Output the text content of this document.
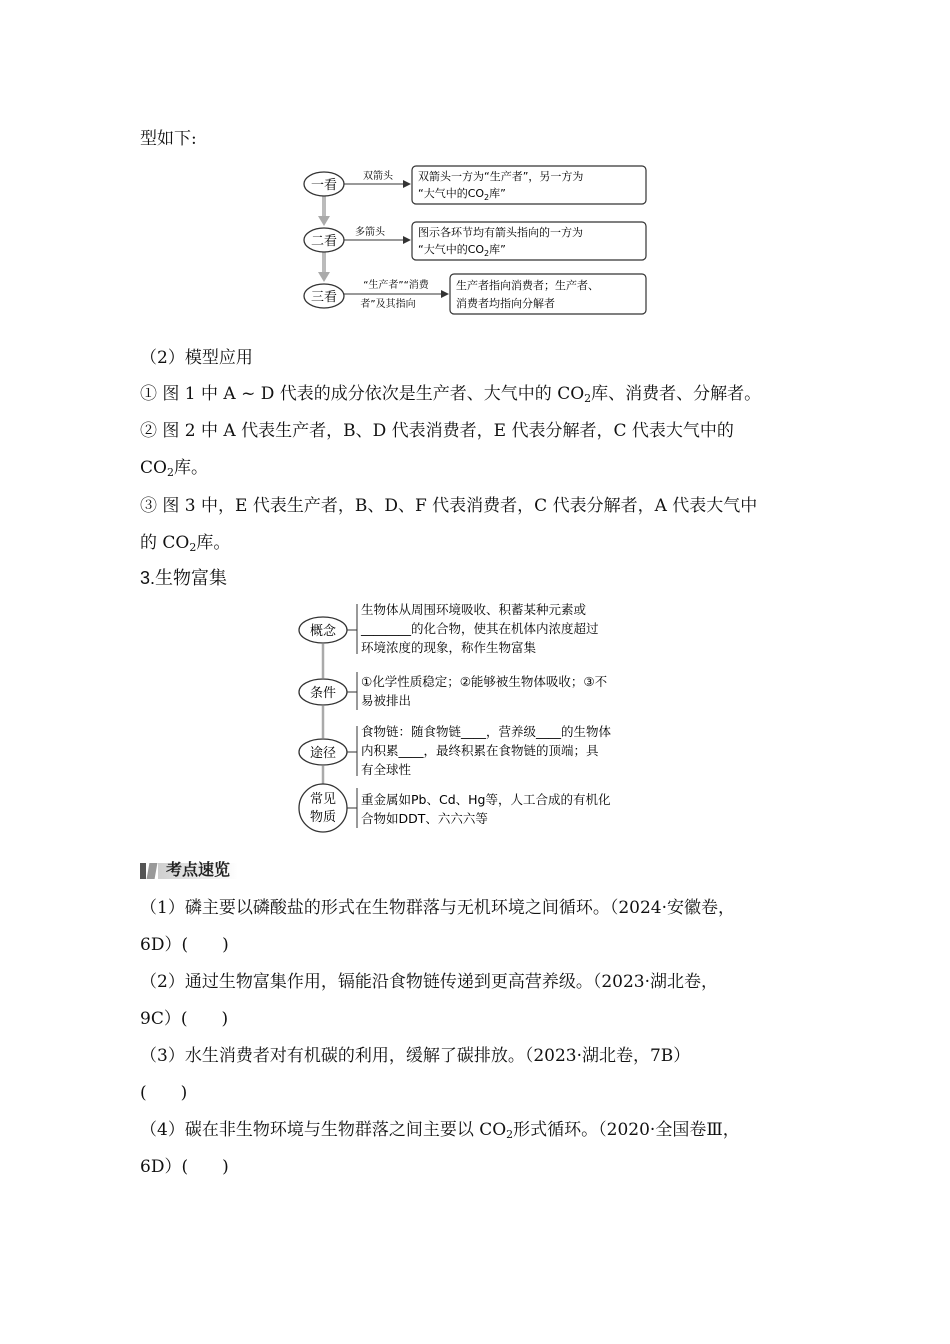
型如下:
一看
双箭头 双箭头一方为“生产者”，另一方为
“大气中的$CO_2$库”
二看
多箭头	图示各环节均有箭头指向的一方为
“大气中的$CO_2$库”
三看
“生产者”“消费
者”及其指向
生产者指向消费者；生产者、
消费者均指向分解者
（2）模型应用
① 图 1 中 A ~ D 代表的成分依次是生产者、大气中的 $CO_2$库、消费者、分解者。
② 图 2 中 A 代表生产者，B、D 代表消费者，E 代表分解者，C 代表大气中的
$CO_2$库。
③ 图 3 中，E 代表生产者，B、D、F 代表消费者，C 代表分解者，A 代表大气中
的 $CO_2$库。
3.生物富集
概念
生物体从周围环境吸收、积蓄某种元素或
________的化合物，使其在机体内浓度超过
环境浓度的现象，称作生物富集
条件
①化学性质稳定；②能够被生物体吸收；③不
易被排出
途径
食物链：随食物链____，营养级____的生物体
内积累____，最终积累在食物链的顶端；具
有全球性
常见
物质
重金属如Pb、Cd、Hg等，人工合成的有机化
合物如DDT、六六六等
考点速览
（1）磷主要以磷酸盐的形式在生物群落与无机环境之间循环。（2024·安徽卷，
6D）(　　)
（2）通过生物富集作用，镉能沿食物链传递到更高营养级。（2023·湖北卷，
9C）(　　)
（3）水生消费者对有机碳的利用，缓解了碳排放。（2023·湖北卷，7B）
(　　)
（4）碳在非生物环境与生物群落之间主要以 $CO_2$形式循环。（2020·全国卷Ⅲ，
6D）(　　)
